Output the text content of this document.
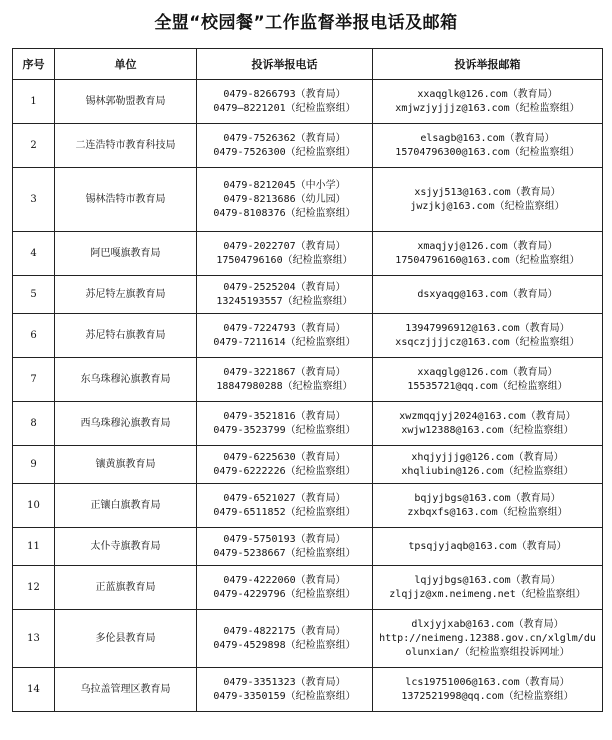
全盟“校园餐”工作监督举报电话及邮箱
序号	单位	投诉举报电话	投诉举报邮箱
1	锡林郭勒盟教育局	0479-8266793（教育局）
0479—8221201（纪检监察组）	xxaqglk@126.com（教育局）
xmjwzjyjjjz@163.com（纪检监察组）

2	二连浩特市教育科技局	0479-7526362（教育局）
0479-7526300（纪检监察组）	elsagb@163.com（教育局）
15704796300@163.com（纪检监察组）

3	锡林浩特市教育局	0479-8212045（中小学）
0479-8213686（幼儿园）
0479-8108376（纪检监察组）	xsjyj513@163.com（教育局）
jwzjkj@163.com（纪检监察组）

4	阿巴嘎旗教育局	0479-2022707（教育局）
17504796160（纪检监察组）	xmaqjyj@126.com（教育局）
17504796160@163.com（纪检监察组）

5	苏尼特左旗教育局	0479-2525204（教育局）
13245193557（纪检监察组）	dsxyaqg@163.com（教育局）

6	苏尼特右旗教育局	0479-7224793（教育局）
0479-7211614（纪检监察组）	13947996912@163.com（教育局）
xsqczjjjjcz@163.com（纪检监察组）

7	东乌珠穆沁旗教育局	0479-3221867（教育局）
18847980288（纪检监察组）	xxaqglg@126.com（教育局）
15535721@qq.com（纪检监察组）

8	西乌珠穆沁旗教育局	0479-3521816（教育局）
0479-3523799（纪检监察组）	xwzmqqjyj2024@163.com（教育局）
xwjw12388@163.com（纪检监察组）

9	镶黄旗教育局	0479-6225630（教育局）
0479-6222226（纪检监察组）	xhqjyjjjg@126.com（教育局）
xhqliubin@126.com（纪检监察组）

10	正镶白旗教育局	0479-6521027（教育局）
0479-6511852（纪检监察组）	bqjyjbgs@163.com（教育局）
zxbqxfs@163.com（纪检监察组）

11	太仆寺旗教育局	0479-5750193（教育局）
0479-5238667（纪检监察组）	tpsqjyjaqb@163.com（教育局）

12	正蓝旗教育局	0479-4222060（教育局）
0479-4229796（纪检监察组）	lqjyjbgs@163.com（教育局）
zlqjjz@xm.neimeng.net（纪检监察组）

13	多伦县教育局	0479-4822175（教育局）
0479-4529898（纪检监察组）	dlxjyjxab@163.com（教育局）
http://neimeng.12388.gov.cn/xlglm/du
olunxian/（纪检监察组投诉网址）

14	乌拉盖管理区教育局	0479-3351323（教育局）
0479-3350159（纪检监察组）	lcs19751006@163.com（教育局）
1372521998@qq.com（纪检监察组）
